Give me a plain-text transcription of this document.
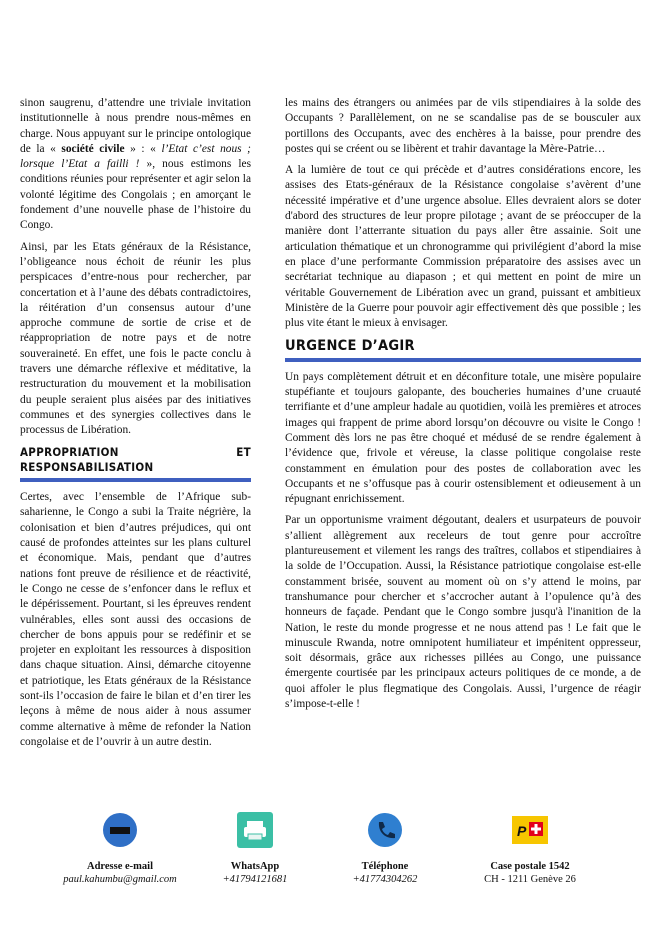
sinon saugrenu, d’attendre une triviale invitation institutionnelle à nous prendre nous-mêmes en charge. Nous appuyant sur le principe ontologique de la « société civile » : « l’Etat c’est nous ; lorsque l’Etat a failli ! », nous estimons les conditions réunies pour représenter et agir selon la volonté légitime des Congolais ; en amorçant le fondement d’une nouvelle phase de l’histoire du Congo.

Ainsi, par les Etats généraux de la Résistance, l’obligeance nous échoit de réunir les plus perspicaces d’entre-nous pour rechercher, par concertation et à l’aune des débats contradictoires, la réitération d’un consensus autour d’une approche commune de sortie de crise et de réappropriation de notre pays et de notre souveraineté. En effet, une fois le pacte conclu à travers une démarche réflexive et méditative, la restructuration du mouvement et la mobilisation du peuple seraient plus aisées par des initiatives communes et des synergies collectives dans le processus de Libération.

APPROPRIATION ET RESPONSABILISATION

Certes, avec l’ensemble de l’Afrique sub-saharienne, le Congo a subi la Traite négrière, la colonisation et bien d’autres préjudices, qui ont causé de profondes atteintes sur les plans culturel et économique. Mais, pendant que d’autres nations font preuve de résilience et de réactivité, le Congo ne cesse de s’enfoncer dans le reflux et le dépérissement. Pourtant, si les épreuves rendent vulnérables, elles sont aussi des occasions de chercher de bons appuis pour se redéfinir et se projeter en exploitant les ressources à disposition dans chaque situation. Ainsi, démarche citoyenne et patriotique, les Etats généraux de la Résistance sont-ils l’occasion de faire le bilan et d’en tirer les leçons à même de nous aider à nous assumer comme alternative à même de refonder la Nation congolaise et de l’ouvrir à un autre destin.

les mains des étrangers ou animées par de vils stipendiaires à la solde des Occupants ? Parallèlement, on ne se scandalise pas de se bousculer aux portillons des Occupants, avec des enchères à la baisse, pour prendre des postes qui se créent ou se libèrent et trahir davantage la Mère-Patrie…

A la lumière de tout ce qui précède et d’autres considérations encore, les assises des Etats-généraux de la Résistance congolaise s’avèrent d’une nécessité impérative et d’une urgence absolue. Elles devraient alors se doter d'abord des structures de leur propre pilotage ; avant de se préoccuper de la manière dont l’atterrante situation du pays aller être assainie. Soit une articulation thématique et un chronogramme qui privilégient d’abord la mise en place d’une performante Commission préparatoire des assises avec un secrétariat technique au diapason ; et qui mettent en point de mire un véritable Gouvernement de Libération avec un grand, puissant et ambitieux Ministère de la Guerre pour pouvoir agir effectivement dès que possible ; les plus vite étant le mieux à envisager.

URGENCE D’AGIR

Un pays complètement détruit et en déconfiture totale, une misère populaire stupéfiante et toujours galopante, des boucheries humaines d’une cruauté terrifiante et d’une ampleur hadale au quotidien, voilà les premières et atroces images qui frappent de prime abord lorsqu’on découvre ou visite le Congo ! Comment dès lors ne pas être choqué et médusé de se rendre également à l’évidence que, frivole et véreuse, la classe politique congolaise reste constamment en émulation pour des postes de collaboration avec les Occupants et ne s’offusque pas à courir ostensiblement et odieusement à un répugnant enrichissement.

Par un opportunisme vraiment dégoutant, dealers et usurpateurs de pouvoir s’allient allègrement aux receleurs de tout genre pour accroître plantureusement et vilement les rangs des traîtres, collabos et stipendiaires à la solde de l’Occupation. Aussi, la Résistance patriotique congolaise est-elle constamment brisée, souvent au moment où on s’y attend le moins, par transhumance pour chercher et s’accrocher autant à l’opulence qu’à des honneurs de façade. Pendant que le Congo sombre jusqu'à l'inanition de la Nation, le reste du monde progresse et ne nous attend pas ! Le fait que le minuscule Rwanda, notre omnipotent humiliateur et impénitent oppresseur, soit désormais, grâce aux richesses pillées au Congo, une puissance émergente courtisée par les principaux acteurs politiques de ce monde, a de quoi affoler le plus flegmatique des Congolais. Aussi, l’urgence de réagir s’impose-t-elle !

Adresse e-mail
paul.kahumbu@gmail.com
WhatsApp
+41794121681
Téléphone
+41774304262
P
Case postale 1542
CH - 1211 Genève 26
